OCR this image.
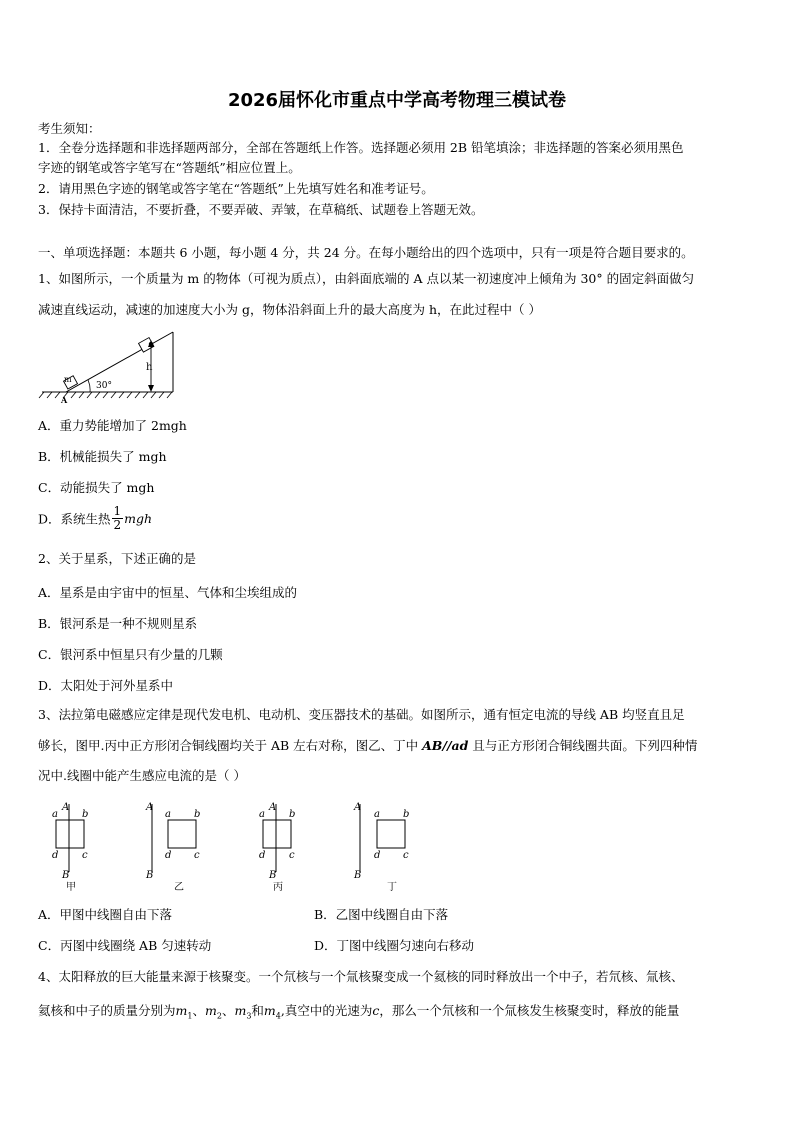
2026届怀化市重点中学高考物理三模试卷
考生须知：
1．全卷分选择题和非选择题两部分，全部在答题纸上作答。选择题必须用 2B 铅笔填涂；非选择题的答案必须用黑色
字迹的钢笔或答字笔写在“答题纸”相应位置上。
2．请用黑色字迹的钢笔或答字笔在“答题纸”上先填写姓名和准考证号。
3．保持卡面清洁，不要折叠，不要弄破、弄皱，在草稿纸、试题卷上答题无效。
一、单项选择题：本题共 6 小题，每小题 4 分，共 24 分。在每小题给出的四个选项中，只有一项是符合题目要求的。
1、如图所示，一个质量为 m 的物体（可视为质点），由斜面底端的 A 点以某一初速度冲上倾角为 30° 的固定斜面做匀
减速直线运动，减速的加速度大小为 g，物体沿斜面上升的最大高度为 h，在此过程中（ ）
m
30°
h
A
A．重力势能增加了 2mgh
B．机械能损失了 mgh
C．动能损失了 mgh
D．系统生热 $\frac{1}{2}$ mgh
2、关于星系，下述正确的是
A．星系是由宇宙中的恒星、气体和尘埃组成的
B．银河系是一种不规则星系
C．银河系中恒星只有少量的几颗
D．太阳处于河外星系中
3、法拉第电磁感应定律是现代发电机、电动机、变压器技术的基础。如图所示，通有恒定电流的导线 AB 均竖直且足
够长，图甲.丙中正方形闭合铜线圈均关于 AB 左右对称，图乙、丁中 AB//ad 且与正方形闭合铜线圈共面。下列四种情
况中.线圈中能产生感应电流的是（ ）
A
b
a
d c
B
甲
A
a b
d c
B
乙
A
a b
d c
B
丙
A
a b
d c
B
丁
A．甲图中线圈自由下落	B．乙图中线圈自由下落
C．丙图中线圈绕 AB 匀速转动	D．丁图中线圈匀速向右移动
4、太阳释放的巨大能量来源于核聚变。一个氘核与一个氚核聚变成一个氦核的同时释放出一个中子，若氘核、氚核、
氦核和中子的质量分别为$m_1$、$m_2$、$m_3$和$m_4$,真空中的光速为c，那么一个氘核和一个氚核发生核聚变时，释放的能量
